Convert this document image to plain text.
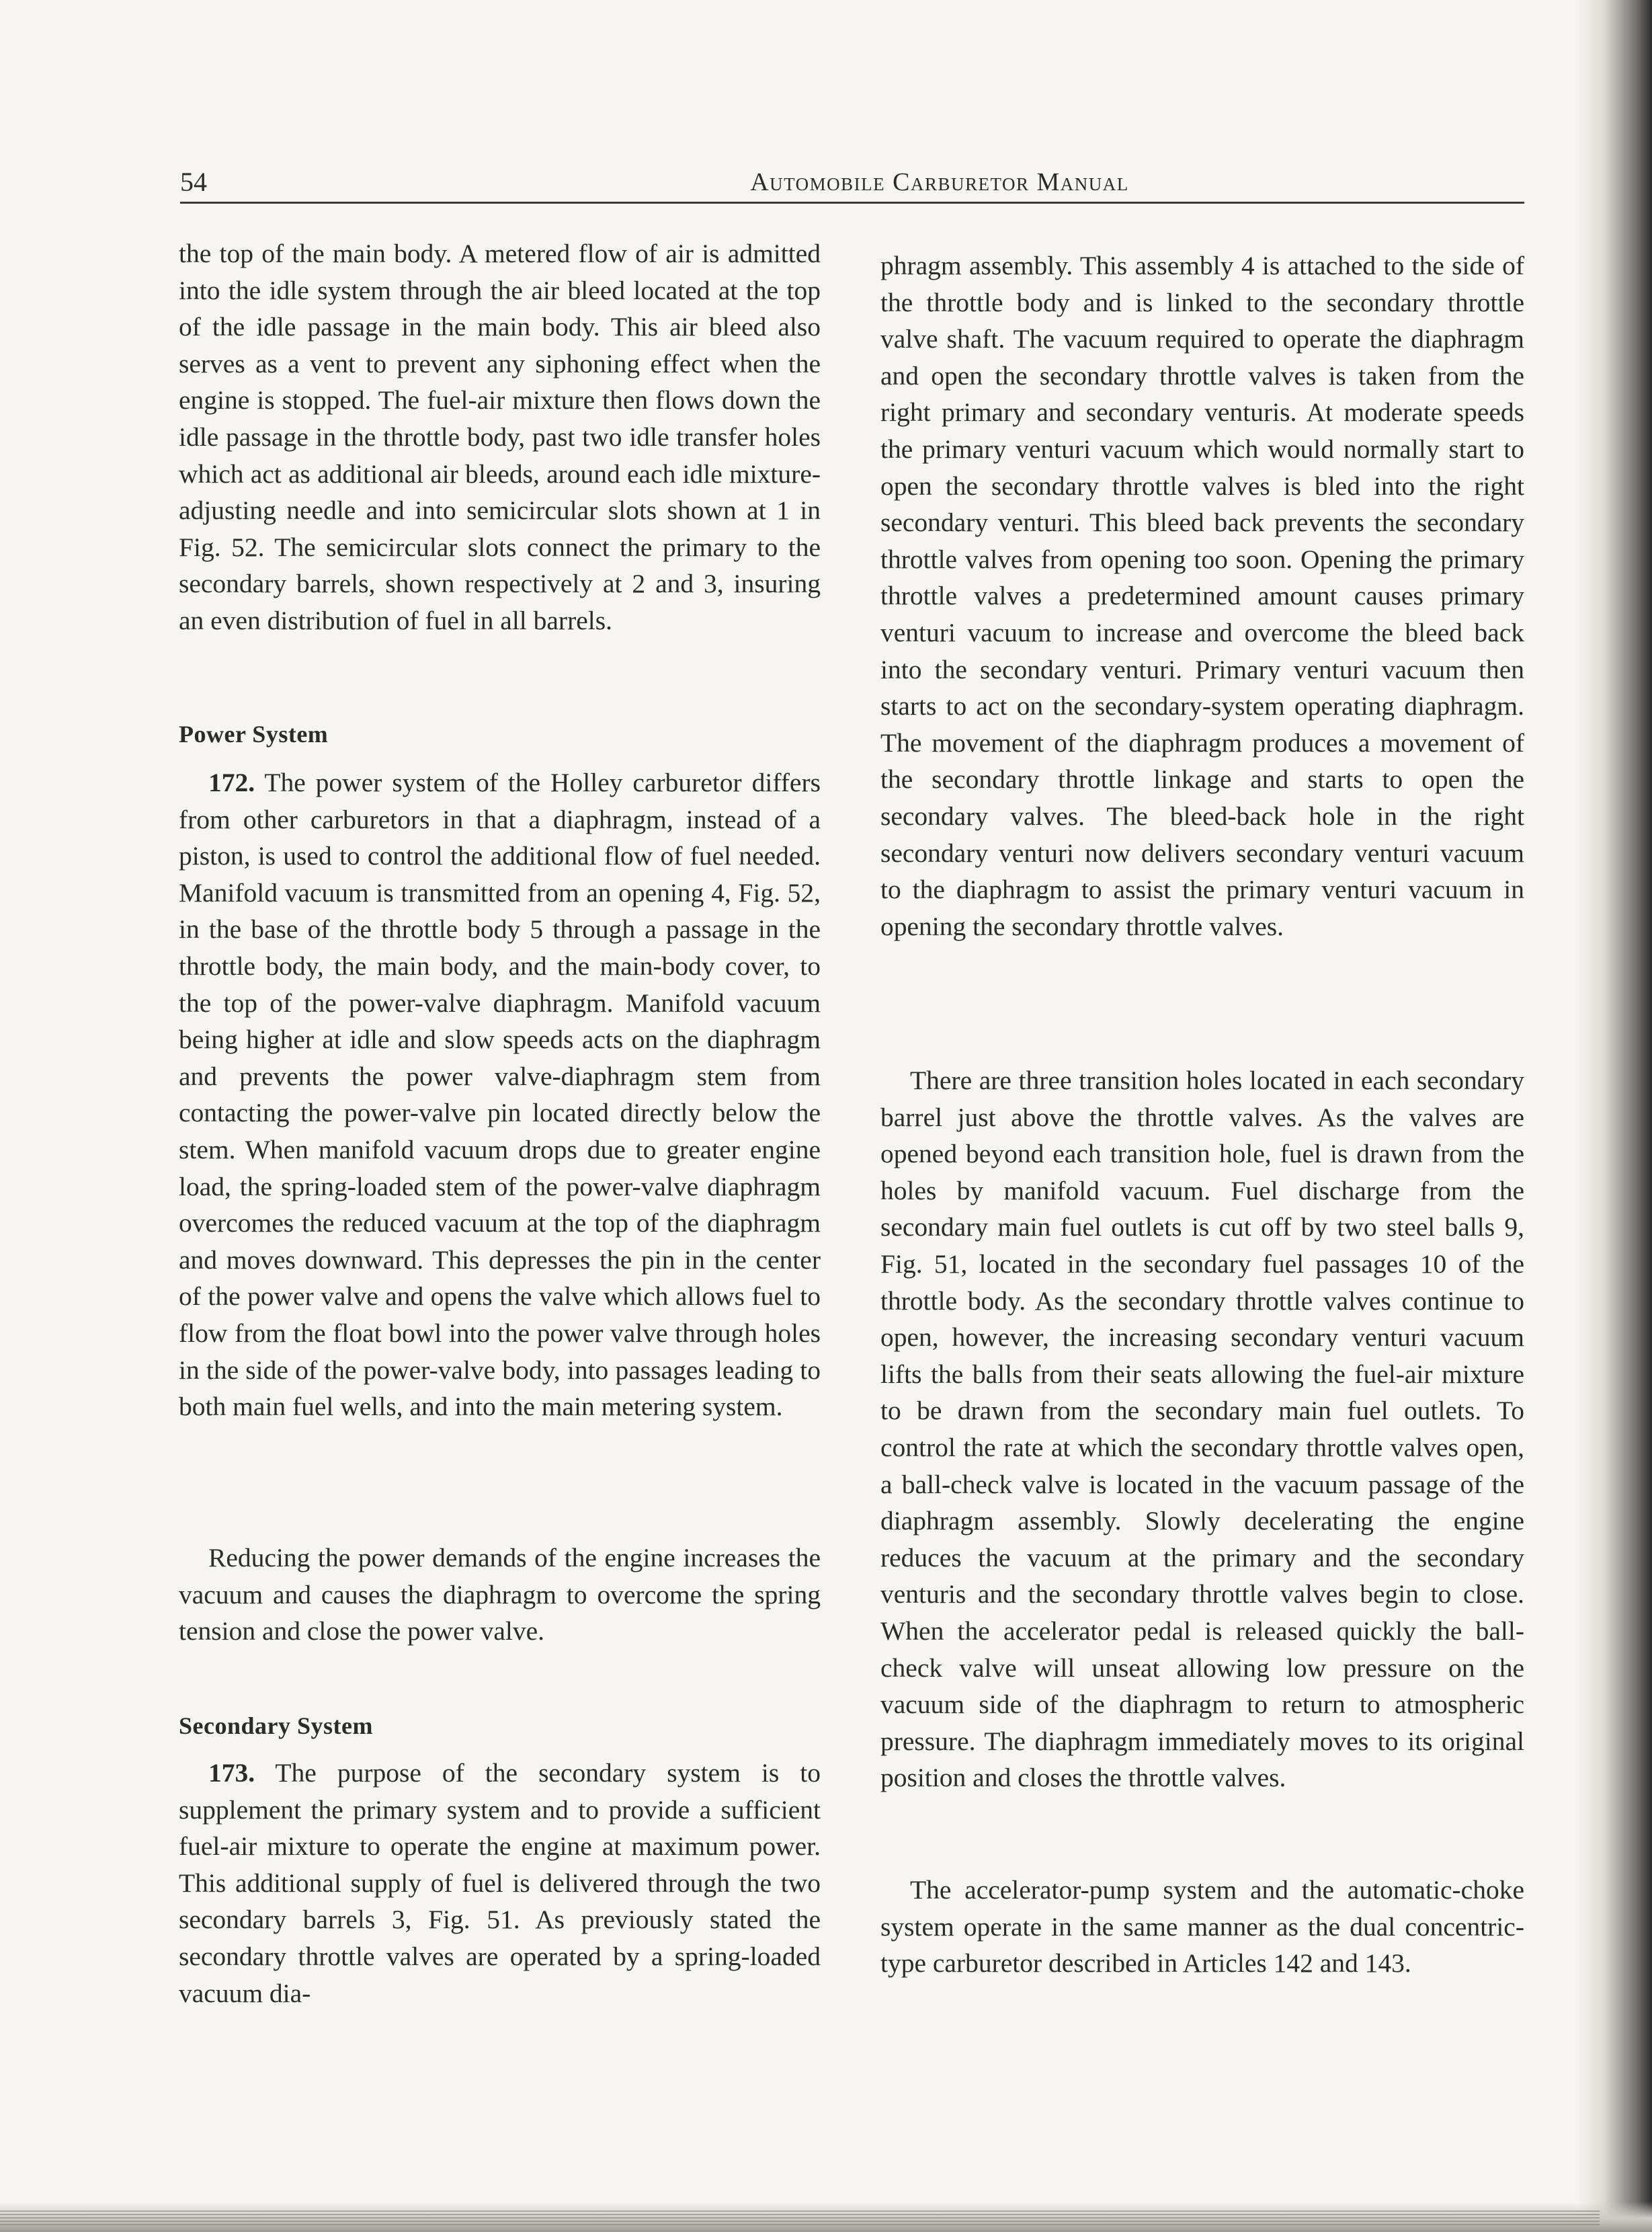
54	Automobile Carburetor Manual

the top of the main body. A metered flow of air is admitted into the idle system through the air bleed located at the top of the idle passage in the main body. This air bleed also serves as a vent to prevent any siphoning effect when the engine is stopped. The fuel-air mixture then flows down the idle passage in the throttle body, past two idle transfer holes which act as additional air bleeds, around each idle mixture-adjusting needle and into semicircular slots shown at 1 in Fig. 52. The semicircular slots connect the primary to the secondary barrels, shown respectively at 2 and 3, insuring an even distribution of fuel in all barrels.

Power System

172. The power system of the Holley carburetor differs from other carburetors in that a diaphragm, instead of a piston, is used to control the additional flow of fuel needed. Manifold vacuum is transmitted from an opening 4, Fig. 52, in the base of the throttle body 5 through a passage in the throttle body, the main body, and the main-body cover, to the top of the power-valve diaphragm. Manifold vacuum being higher at idle and slow speeds acts on the diaphragm and prevents the power valve-diaphragm stem from contacting the power-valve pin located directly below the stem. When manifold vacuum drops due to greater engine load, the spring-loaded stem of the power-valve diaphragm overcomes the reduced vacuum at the top of the diaphragm and moves downward. This depresses the pin in the center of the power valve and opens the valve which allows fuel to flow from the float bowl into the power valve through holes in the side of the power-valve body, into passages leading to both main fuel wells, and into the main metering system.

Reducing the power demands of the engine increases the vacuum and causes the diaphragm to overcome the spring tension and close the power valve.

Secondary System

173. The purpose of the secondary system is to supplement the primary system and to provide a sufficient fuel-air mixture to operate the engine at maximum power. This additional supply of fuel is delivered through the two secondary barrels 3, Fig. 51. As previously stated the secondary throttle valves are operated by a spring-loaded vacuum dia-

phragm assembly. This assembly 4 is attached to the side of the throttle body and is linked to the secondary throttle valve shaft. The vacuum required to operate the diaphragm and open the secondary throttle valves is taken from the right primary and secondary venturis. At moderate speeds the primary venturi vacuum which would normally start to open the secondary throttle valves is bled into the right secondary venturi. This bleed back prevents the secondary throttle valves from opening too soon. Opening the primary throttle valves a predetermined amount causes primary venturi vacuum to increase and overcome the bleed back into the secondary venturi. Primary venturi vacuum then starts to act on the secondary-system operating diaphragm. The movement of the diaphragm produces a movement of the secondary throttle linkage and starts to open the secondary valves. The bleed-back hole in the right secondary venturi now delivers secondary venturi vacuum to the diaphragm to assist the primary venturi vacuum in opening the secondary throttle valves.

There are three transition holes located in each secondary barrel just above the throttle valves. As the valves are opened beyond each transition hole, fuel is drawn from the holes by manifold vacuum. Fuel discharge from the secondary main fuel outlets is cut off by two steel balls 9, Fig. 51, located in the secondary fuel passages 10 of the throttle body. As the secondary throttle valves continue to open, however, the increasing secondary venturi vacuum lifts the balls from their seats allowing the fuel-air mixture to be drawn from the secondary main fuel outlets. To control the rate at which the secondary throttle valves open, a ball-check valve is located in the vacuum passage of the diaphragm assembly. Slowly decelerating the engine reduces the vacuum at the primary and the secondary venturis and the secondary throttle valves begin to close. When the accelerator pedal is released quickly the ball-check valve will unseat allowing low pressure on the vacuum side of the diaphragm to return to atmospheric pressure. The diaphragm immediately moves to its original position and closes the throttle valves.

The accelerator-pump system and the automatic-choke system operate in the same manner as the dual concentric-type carburetor described in Articles 142 and 143.
